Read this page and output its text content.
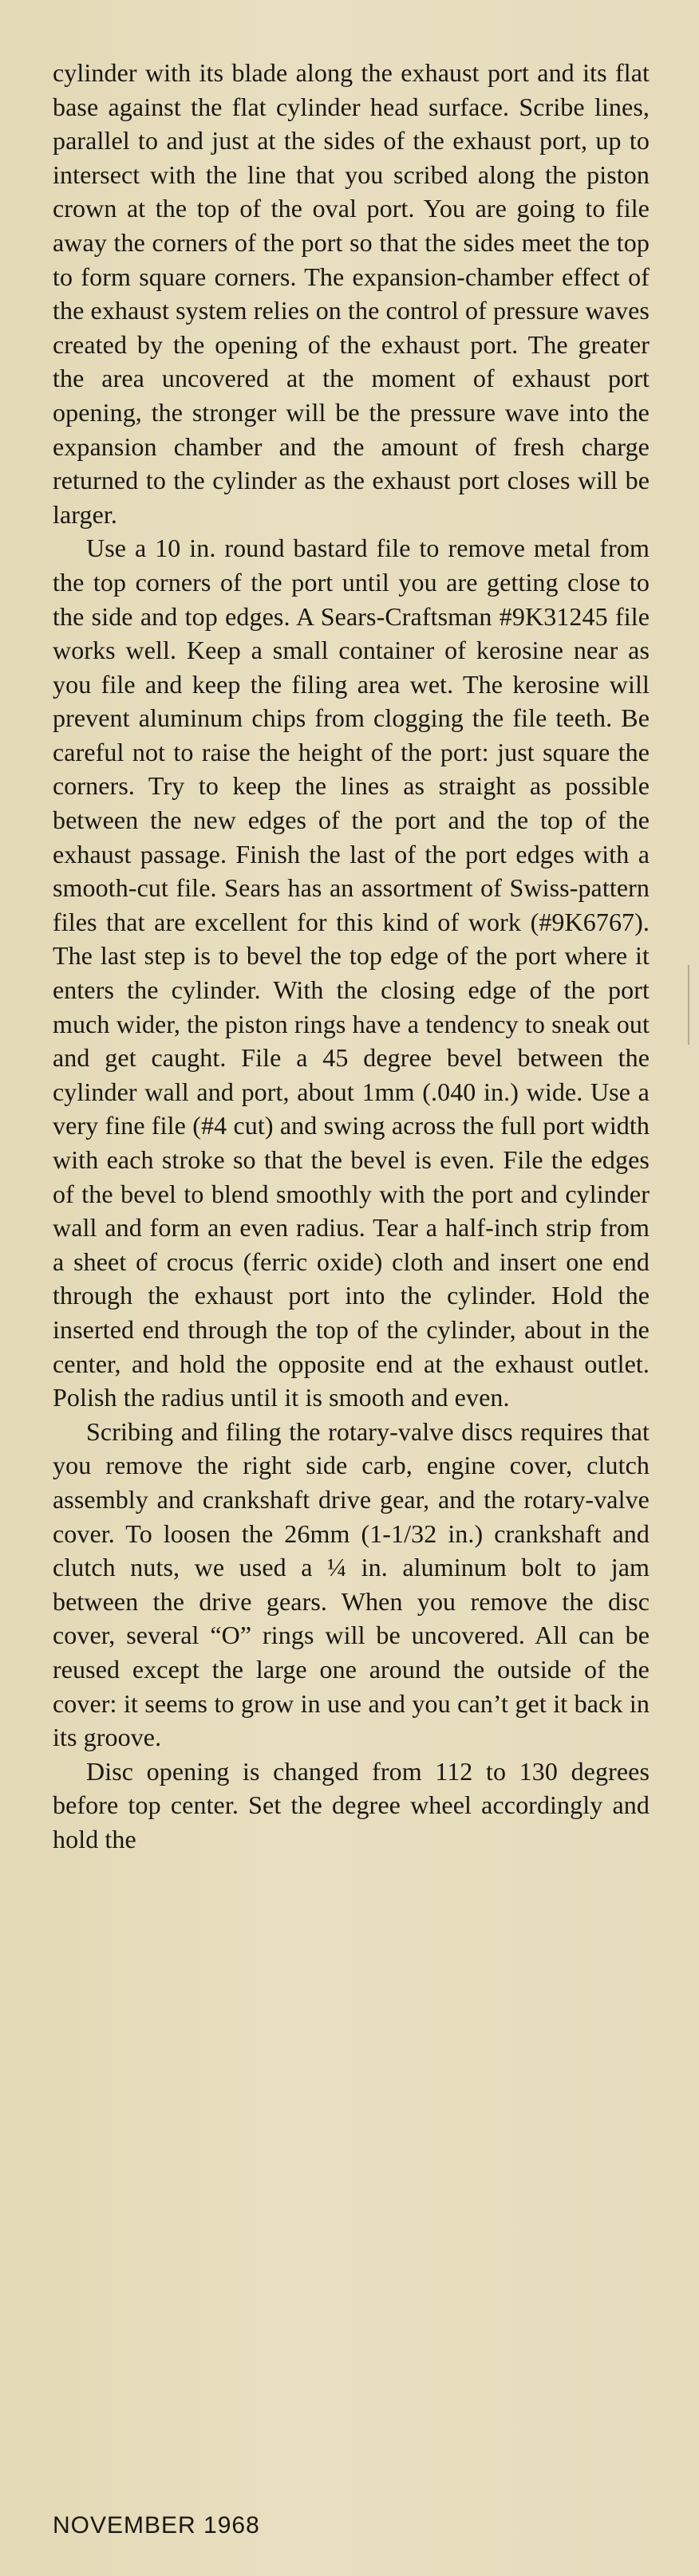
cylinder with its blade along the exhaust port and its flat base against the flat cylinder head surface. Scribe lines, parallel to and just at the sides of the exhaust port, up to intersect with the line that you scribed along the piston crown at the top of the oval port. You are going to file away the corners of the port so that the sides meet the top to form square corners. The expansion-chamber effect of the exhaust system relies on the control of pressure waves created by the opening of the exhaust port. The greater the area uncovered at the moment of exhaust port opening, the stronger will be the pressure wave into the expansion chamber and the amount of fresh charge returned to the cylinder as the exhaust port closes will be larger.

Use a 10 in. round bastard file to remove metal from the top corners of the port until you are getting close to the side and top edges. A Sears-Craftsman #9K31245 file works well. Keep a small container of kerosine near as you file and keep the filing area wet. The kerosine will prevent aluminum chips from clogging the file teeth. Be careful not to raise the height of the port: just square the corners. Try to keep the lines as straight as possible between the new edges of the port and the top of the exhaust passage. Finish the last of the port edges with a smooth-cut file. Sears has an assortment of Swiss-pattern files that are excellent for this kind of work (#9K6767). The last step is to bevel the top edge of the port where it enters the cylinder. With the closing edge of the port much wider, the piston rings have a tendency to sneak out and get caught. File a 45 degree bevel between the cylinder wall and port, about 1mm (.040 in.) wide. Use a very fine file (#4 cut) and swing across the full port width with each stroke so that the bevel is even. File the edges of the bevel to blend smoothly with the port and cylinder wall and form an even radius. Tear a half-inch strip from a sheet of crocus (ferric oxide) cloth and insert one end through the exhaust port into the cylinder. Hold the inserted end through the top of the cylinder, about in the center, and hold the opposite end at the exhaust outlet. Polish the radius until it is smooth and even.

Scribing and filing the rotary-valve discs requires that you remove the right side carb, engine cover, clutch assembly and crankshaft drive gear, and the rotary-valve cover. To loosen the 26mm (1-1/32 in.) crankshaft and clutch nuts, we used a ¼ in. aluminum bolt to jam between the drive gears. When you remove the disc cover, several “O” rings will be uncovered. All can be reused except the large one around the outside of the cover: it seems to grow in use and you can’t get it back in its groove.

Disc opening is changed from 112 to 130 degrees before top center. Set the degree wheel accordingly and hold the

NOVEMBER 1968
